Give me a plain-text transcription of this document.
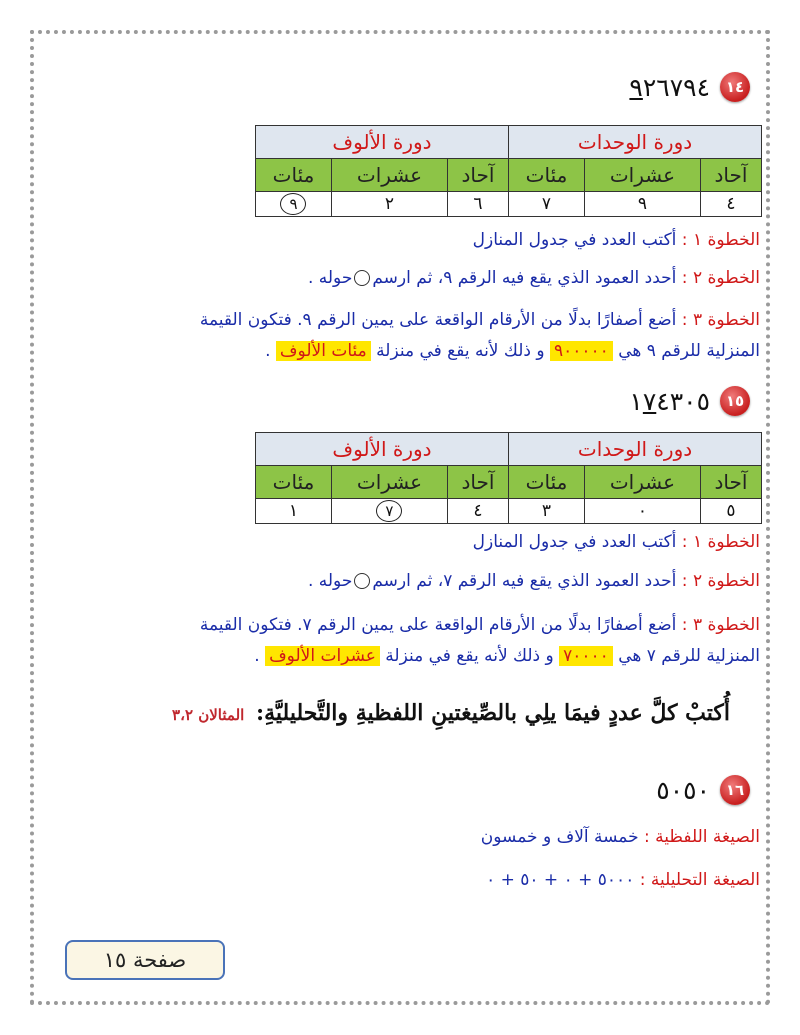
١٤
٩٢٦٧٩٤
دورة الوحدات			دورة الألوف		
آحاد	عشرات	مئات	آحاد	عشرات	مئات
٤	٩	٧	٦	٢	٩
الخطوة ١ : أكتب العدد في جدول المنازل
الخطوة ٢ : أحدد العمود الذي يقع فيه الرقم ٩، ثم ارسمحوله .
الخطوة ٣ : أضع أصفارًا بدلًا من الأرقام الواقعة على يمين الرقم ٩. فتكون القيمة
المنزلية للرقم ٩ هي ٩٠٠٠٠٠ و ذلك لأنه يقع في منزلة مئات الألوف .
١٥
١٧٤٣٠٥
دورة الوحدات			دورة الألوف		
آحاد	عشرات	مئات	آحاد	عشرات	مئات
٥	٠	٣	٤	٧	١
الخطوة ١ : أكتب العدد في جدول المنازل
الخطوة ٢ : أحدد العمود الذي يقع فيه الرقم ٧، ثم ارسمحوله .
الخطوة ٣ : أضع أصفارًا بدلًا من الأرقام الواقعة على يمين الرقم ٧. فتكون القيمة
المنزلية للرقم ٧ هي ٧٠٠٠٠ و ذلك لأنه يقع في منزلة عشرات الألوف .
أُكتبْ كلَّ عددٍ فيمَا يلِي بالصِّيغتينِ اللفظيةِ والتَّحليليَّةِ: المثالان ٣،٢
١٦
٥٠٥٠
الصيغة اللفظية : خمسة آلاف و خمسون
الصيغة التحليلية : ٥٠٠٠ + ٠ + ٥٠ + ٠
صفحة ١٥
